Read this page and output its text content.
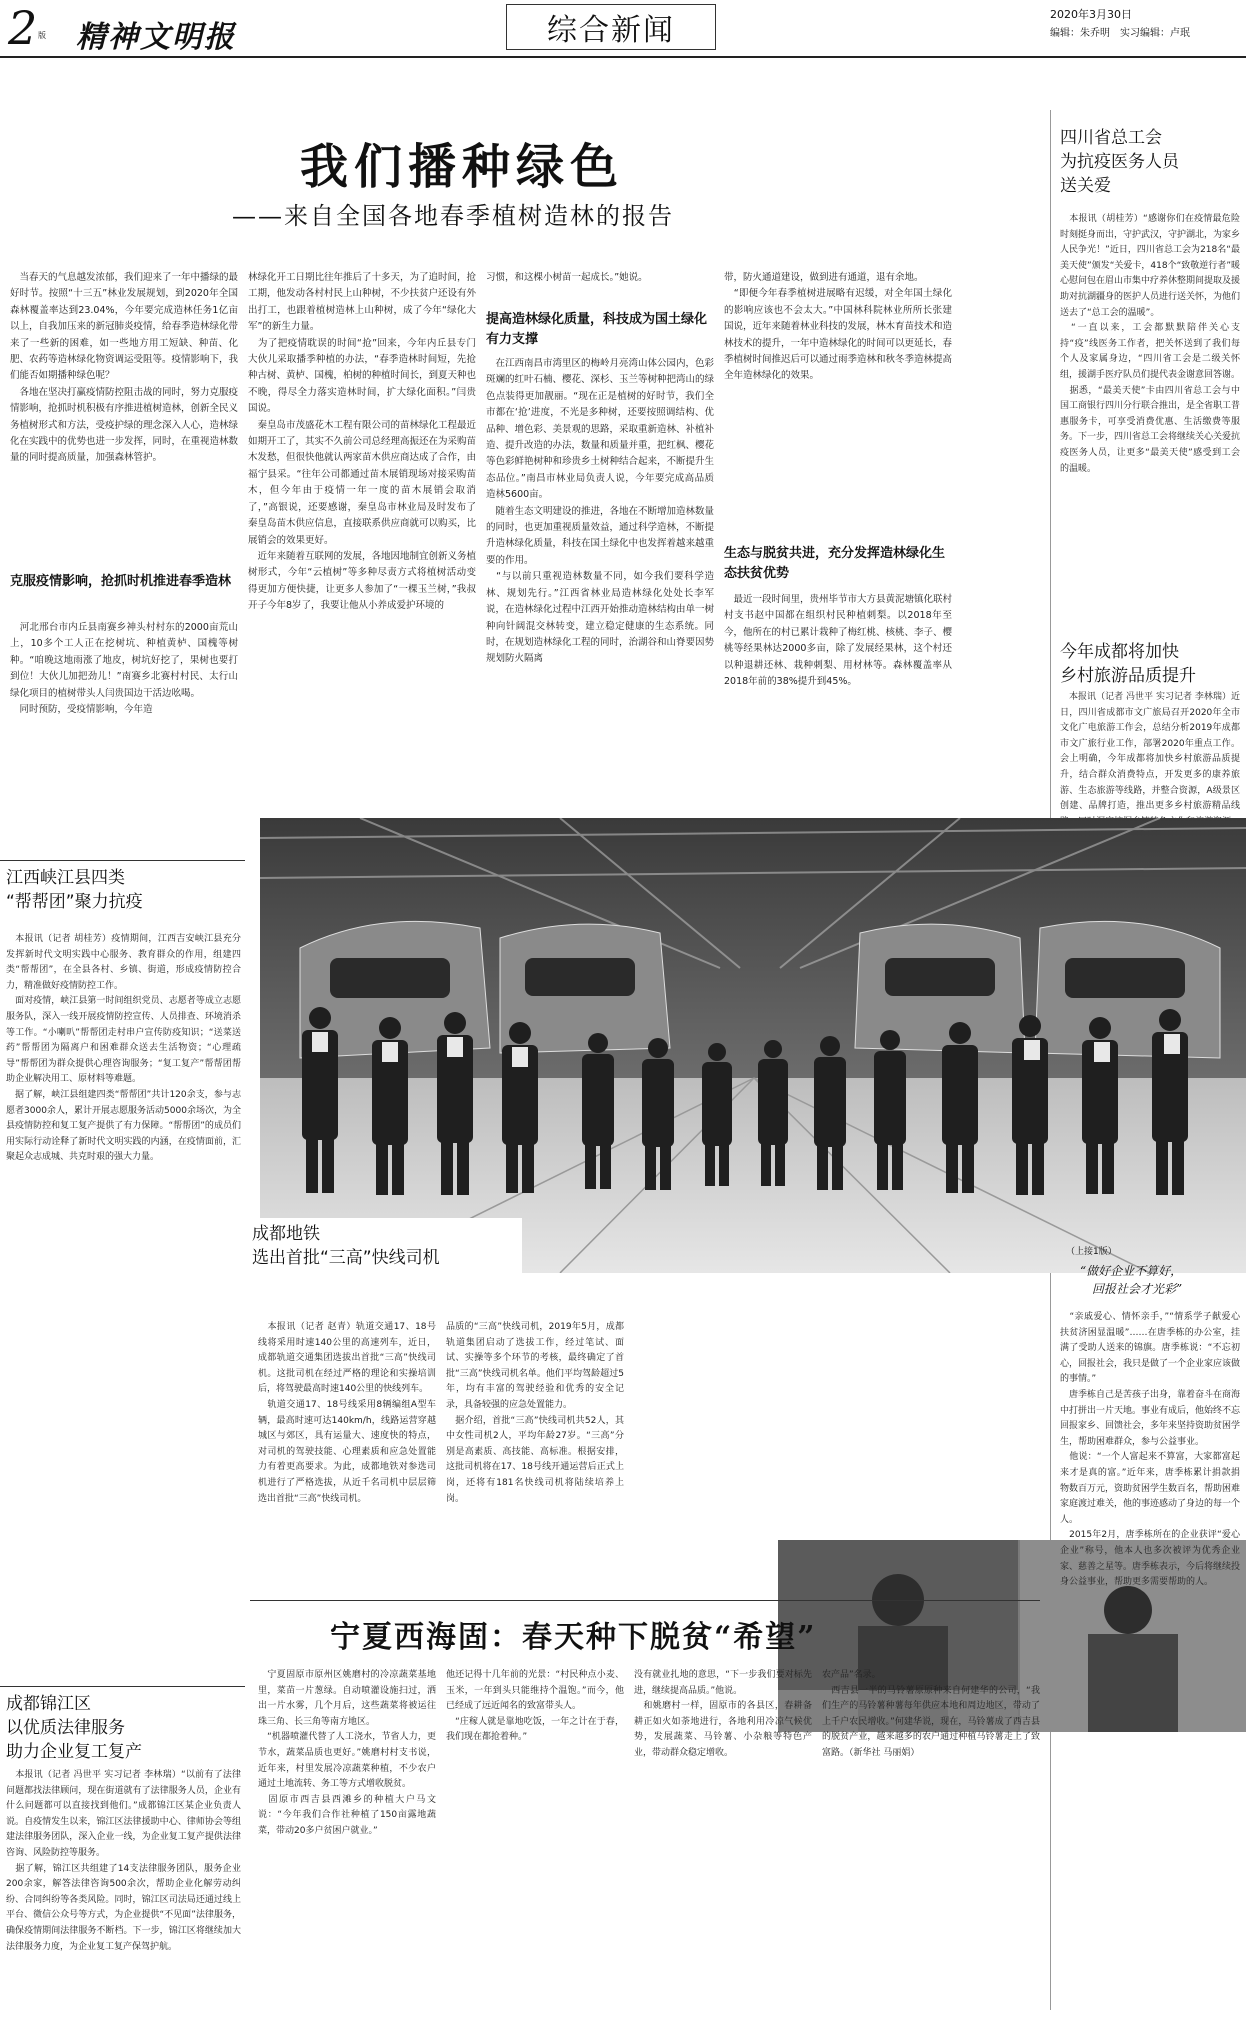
2 版 精神文明报	综合新闻	2020年3月30日
编辑：朱乔明　实习编辑：卢珉
我们播种绿色
——来自全国各地春季植树造林的报告
　当春天的气息越发浓郁，我们迎来了一年中播绿的最好时节。按照“十三五”林业发展规划，到2020年全国森林覆盖率达到23.04%，今年要完成造林任务1亿亩以上，自我加压来的新冠肺炎疫情，给春季造林绿化带来了一些新的困难，如一些地方用工短缺、种苗、化肥、农药等造林绿化物资调运受阻等。疫情影响下，我们能否如期播种绿色呢？
　各地在坚决打赢疫情防控阻击战的同时，努力克服疫情影响，抢抓时机积极有序推进植树造林，创新全民义务植树形式和方法，受疫护绿的理念深入人心，造林绿化在实践中的优势也进一步发挥，同时，在重视造林数量的同时提高质量，加强森林管护。
克服疫情影响，抢抓时机推进春季造林
　河北邢台市内丘县南赛乡神头村村东的2000亩荒山上，10多个工人正在挖树坑、种植黄栌、国槐等树种。“咱晚这地雨涨了地皮，树坑好挖了，果树也要打到位！大伙儿加把劲儿！”南赛乡北赛村村民、太行山绿化项目的植树带头人闫贵国边干活边吆喝。
　同时预防，受疫情影响，今年造
林绿化开工日期比往年推后了十多天，为了追时间，抢工期，他发动各村村民上山种树，不少扶贫户还设有外出打工，也跟着植树造林上山种树，成了今年“绿化大军”的新生力量。
　为了把疫情耽误的时间“抢”回来，今年内丘县专门大伙儿采取播季种植的办法，“春季造林时间短，先抢种古树、黄栌、国槐，柏树的种植时间长，到夏天种也不晚，得尽全力落实造林时间，扩大绿化面积。”闫贵国说。
　秦皇岛市茂盛花木工程有限公司的苗林绿化工程最近如期开工了，其实不久前公司总经理高振还在为采购苗木发愁，但很快他就认两家苗木供应商达成了合作，由福宁县采。“往年公司都通过苗木展销现场对接采购苗木，但今年由于疫情一年一度的苗木展销会取消了，”高银说，还要感谢，秦皇岛市林业局及时发布了秦皇岛苗木供应信息，直接联系供应商就可以购买，比展销会的效果更好。
　近年来随着互联网的发展，各地因地制宜创新义务植树形式，今年“云植树”等多种尽责方式将植树活动变得更加方便快捷，让更多人参加了“一棵玉兰树，”我叔开子今年8岁了，我要让他从小养成爱护环境的
习惯，和这棵小树苗一起成长。”她说。
提高造林绿化质量，科技成为国土绿化有力支撑
　在江西南昌市湾里区的梅岭月亮湾山体公园内，色彩斑斓的红叶石楠、樱花、深杉、玉兰等树种把湾山的绿色点装得更加靓丽。“现在正是植树的好时节，我们全市都在‘抢’进度，不光是多种树，还要按照调结构、优品种、增色彩、美景观的思路，采取重新造林、补植补造、提升改造的办法，数量和质量并重，把红枫、樱花等色彩鲜艳树种和珍贵乡土树种结合起来，不断提升生态品位。”南昌市林业局负责人说，今年要完成高品质造林5600亩。
　随着生态文明建设的推进，各地在不断增加造林数量的同时，也更加重视质量效益，通过科学造林，不断提升造林绿化质量，科技在国土绿化中也发挥着越来越重要的作用。
　“与以前只重视造林数量不同，如今我们要科学造林、规划先行。”江西省林业局造林绿化处处长李军说，在造林绿化过程中江西开始推动造林结构由单一树种向针阔混交林转变，建立稳定健康的生态系统。同时，在规划造林绿化工程的同时，治湖谷和山脊要因势规划防火隔离
带，防火通道建设，做到进有通道，退有余地。
　“即便今年春季植树进展略有迟缓，对全年国土绿化的影响应该也不会太大。”中国林科院林业所所长张建国说，近年来随着林业科技的发展，林木育苗技术和造林技术的提升，一年中造林绿化的时间可以更延长，春季植树时间推迟后可以通过雨季造林和秋冬季造林提高全年造林绿化的效果。
生态与脱贫共进，充分发挥造林绿化生态扶贫优势
　最近一段时间里，贵州毕节市大方县黄泥塘镇化联村村支书赵中国都在组织村民种植刺梨。以2018年至今，他所在的村已累计栽种了梅红桃、核桃、李子、樱桃等经果林达2000多亩，除了发展经果林，这个村还以种退耕还林、栽种刺梨、用材林等。森林覆盖率从2018年前的38%提升到45%。
四川省总工会
为抗疫医务人员
送关爱
　本报讯（胡桂芳）“感谢你们在疫情最危险时刻挺身而出，守护武汉，守护湖北，为家乡人民争光！”近日，四川省总工会为218名“最美天使”颁发“关爱卡，418个“致敬逆行者”暖心慰问包在眉山市集中疗养休整期间提取及援助对抗湖疆身的医护人员进行送关怀，为他们送去了“总工会的温暖”。
　“一直以来，工会都默默陪伴关心支持“疫”线医务工作者，把关怀送到了我们每个人及家属身边，“四川省工会是二级关怀组，援湖手医疗队员们提代表金谢意回答谢。
　据悉，“最美天使”卡由四川省总工会与中国工商银行四川分行联合推出，是全省职工普惠服务卡，可享受消费优惠、生活缴费等服务。下一步，四川省总工会将继续关心关爱抗疫医务人员，让更多“最美天使”感受到工会的温暖。
今年成都将加快
乡村旅游品质提升
　本报讯（记者 冯世平 实习记者 李林瑞）近日，四川省成都市文广旅局召开2020年全市文化广电旅游工作会，总结分析2019年成都市文广旅行业工作，部署2020年重点工作。会上明确，今年成都将加快乡村旅游品质提升，结合群众消费特点，开发更多的康养旅游、生态旅游等线路，并整合资源，A级景区创建、品牌打造，推出更多乡村旅游精品线

成都地铁
选出首批“三高”快线司机
江西峡江县四类
“帮帮团”聚力抗疫
　本报讯（记者 胡桂芳）疫情期间，江西吉安峡江县充分发挥新时代文明实践中心服务、教育群众的作用，组建四类“帮帮团”，在全县各村、乡镇、街道，形成疫情防控合力，精准做好疫情防控工作。
　面对疫情，峡江县第一时间组织党员、志愿者等成立志愿服务队，深入一线开展疫情防控宣传、人员排查、环境消杀等工作。“小喇叭”帮帮团走村串户宣传防疫知识；“送菜送药”帮帮团为隔离户和困难群众送去生活物资；“心理疏导”帮帮团为群众提供心理咨询服务；“复工复产”帮帮团帮助企业解决用工、原材料等难题。
　据了解，峡江县组建四类“帮帮团”共计120余支，参与志愿者3000余人，累计开展志愿服务活动5000余场次，为全县疫情防控和复工复产提供了有力保障。“帮帮团”的成员们用实际行动诠释了新时代文明实践的内涵，在疫情面前，汇聚起众志成城、共克时艰的强大力量。
成都锦江区
以优质法律服务
助力企业复工复产
　本报讯（记者 冯世平 实习记者 李林瑞）“以前有了法律问题都找法律顾问，现在街道就有了法律服务人员，企业有什么问题都可以直接找到他们。”成都锦江区某企业负责人说。自疫情发生以来，锦江区法律援助中心、律师协会等组建法律服务团队，深入企业一线，为企业复工复产提供法律咨询、风险防控等服务。
　据了解，锦江区共组建了14支法律服务团队，服务企业200余家，解答法律咨询500余次，帮助企业化解劳动纠纷、合同纠纷等各类风险。同时，锦江区司法局还通过线上平台、微信公众号等方式，为企业提供“不见面”法律服务，确保疫情期间法律服务不断档。下一步，锦江区将继续加大法律服务力度，为企业复工复产保驾护航。
　本报讯（记者 赵青）轨道交通17、18号线将采用时速140公里的高速列车，近日，成都轨道交通集团选拔出首批“三高”快线司机。这批司机在经过严格的理论和实操培训后，将驾驶最高时速140公里的快线列车。
　轨道交通17、18号线采用8辆编组A型车辆，最高时速可达140km/h，线路运营穿越城区与郊区，具有运量大、速度快的特点，对司机的驾驶技能、心理素质和应急处置能力有着更高要求。为此，成都地铁对参选司机进行了严格选拔，从近千名司机中层层筛选出首批“三高”快线司机。
品质的“三高”快线司机，2019年5月，成都轨道集团启动了选拔工作，经过笔试、面试、实操等多个环节的考核，最终确定了首批“三高”快线司机名单。他们平均驾龄超过5年，均有丰富的驾驶经验和优秀的安全记录，具备较强的应急处置能力。
　据介绍，首批“三高”快线司机共52人，其中女性司机2人，平均年龄27岁。“三高”分别是高素质、高技能、高标准。根据安排，这批司机将在17、18号线开通运营后正式上岗，还将有181名快线司机将陆续培养上岗。
宁夏西海固：春天种下脱贫“希望”
　宁夏固原市原州区姚磨村的冷凉蔬菜基地里，菜苗一片葱绿。自动喷灌设施扫过，洒出一片水雾，几个月后，这些蔬菜将被运往珠三角、长三角等南方地区。
　“机器喷灌代替了人工浇水，节省人力，更节水，蔬菜品质也更好。”姚磨村村支书说，近年来，村里发展冷凉蔬菜种植，不少农户通过土地流转、务工等方式增收脱贫。
　固原市西吉县西滩乡的种植大户马文说：“今年我们合作社种植了150亩露地蔬菜，带动20多户贫困户就业。”
他还记得十几年前的光景：“村民种点小麦、玉米，一年到头只能维持个温饱。”而今，他已经成了远近闻名的致富带头人。
　“庄稼人就是靠地吃饭，一年之计在于春，我们现在都抢着种。”
没有就业扎地的意思，“下一步我们要对标先进，继续提高品质。”他说。
　和姚磨村一样，固原市的各县区，春耕备耕正如火如荼地进行，各地利用冷凉气候优势，发展蔬菜、马铃薯、小杂粮等特色产业，带动群众稳定增收。
农产品”名录。
　西吉县一半的马铃薯原原种来自何建华的公司，“我们生产的马铃薯种薯每年供应本地和周边地区，带动了上千户农民增收。”何建华说，现在，马铃薯成了西吉县的脱贫产业，越来越多的农户通过种植马铃薯走上了致富路。（新华社 马丽娟）
（上接1版）
“做好企业不算好，
　回报社会才光彩”
　“亲戚爱心、情怀亲手，”“情系学子献爱心 扶贫济困显温暖”……在唐季栋的办公室，挂满了受助人送来的锦旗。唐季栋说：“不忘初心，回报社会，我只是做了一个企业家应该做的事情。”
　唐季栋自己是苦孩子出身，靠着奋斗在商海中打拼出一片天地。事业有成后，他始终不忘回报家乡、回馈社会，多年来坚持资助贫困学生，帮助困难群众，参与公益事业。
　他说：“一个人富起来不算富，大家都富起来才是真的富。”近年来，唐季栋累计捐款捐物数百万元，资助贫困学生数百名，帮助困难家庭渡过难关，他的事迹感动了身边的每一个人。
　2015年2月，唐季栋所在的企业获评“爱心企业”称号，他本人也多次被评为优秀企业家、慈善之星等。唐季栋表示，今后将继续投身公益事业，帮助更多需要帮助的人。
